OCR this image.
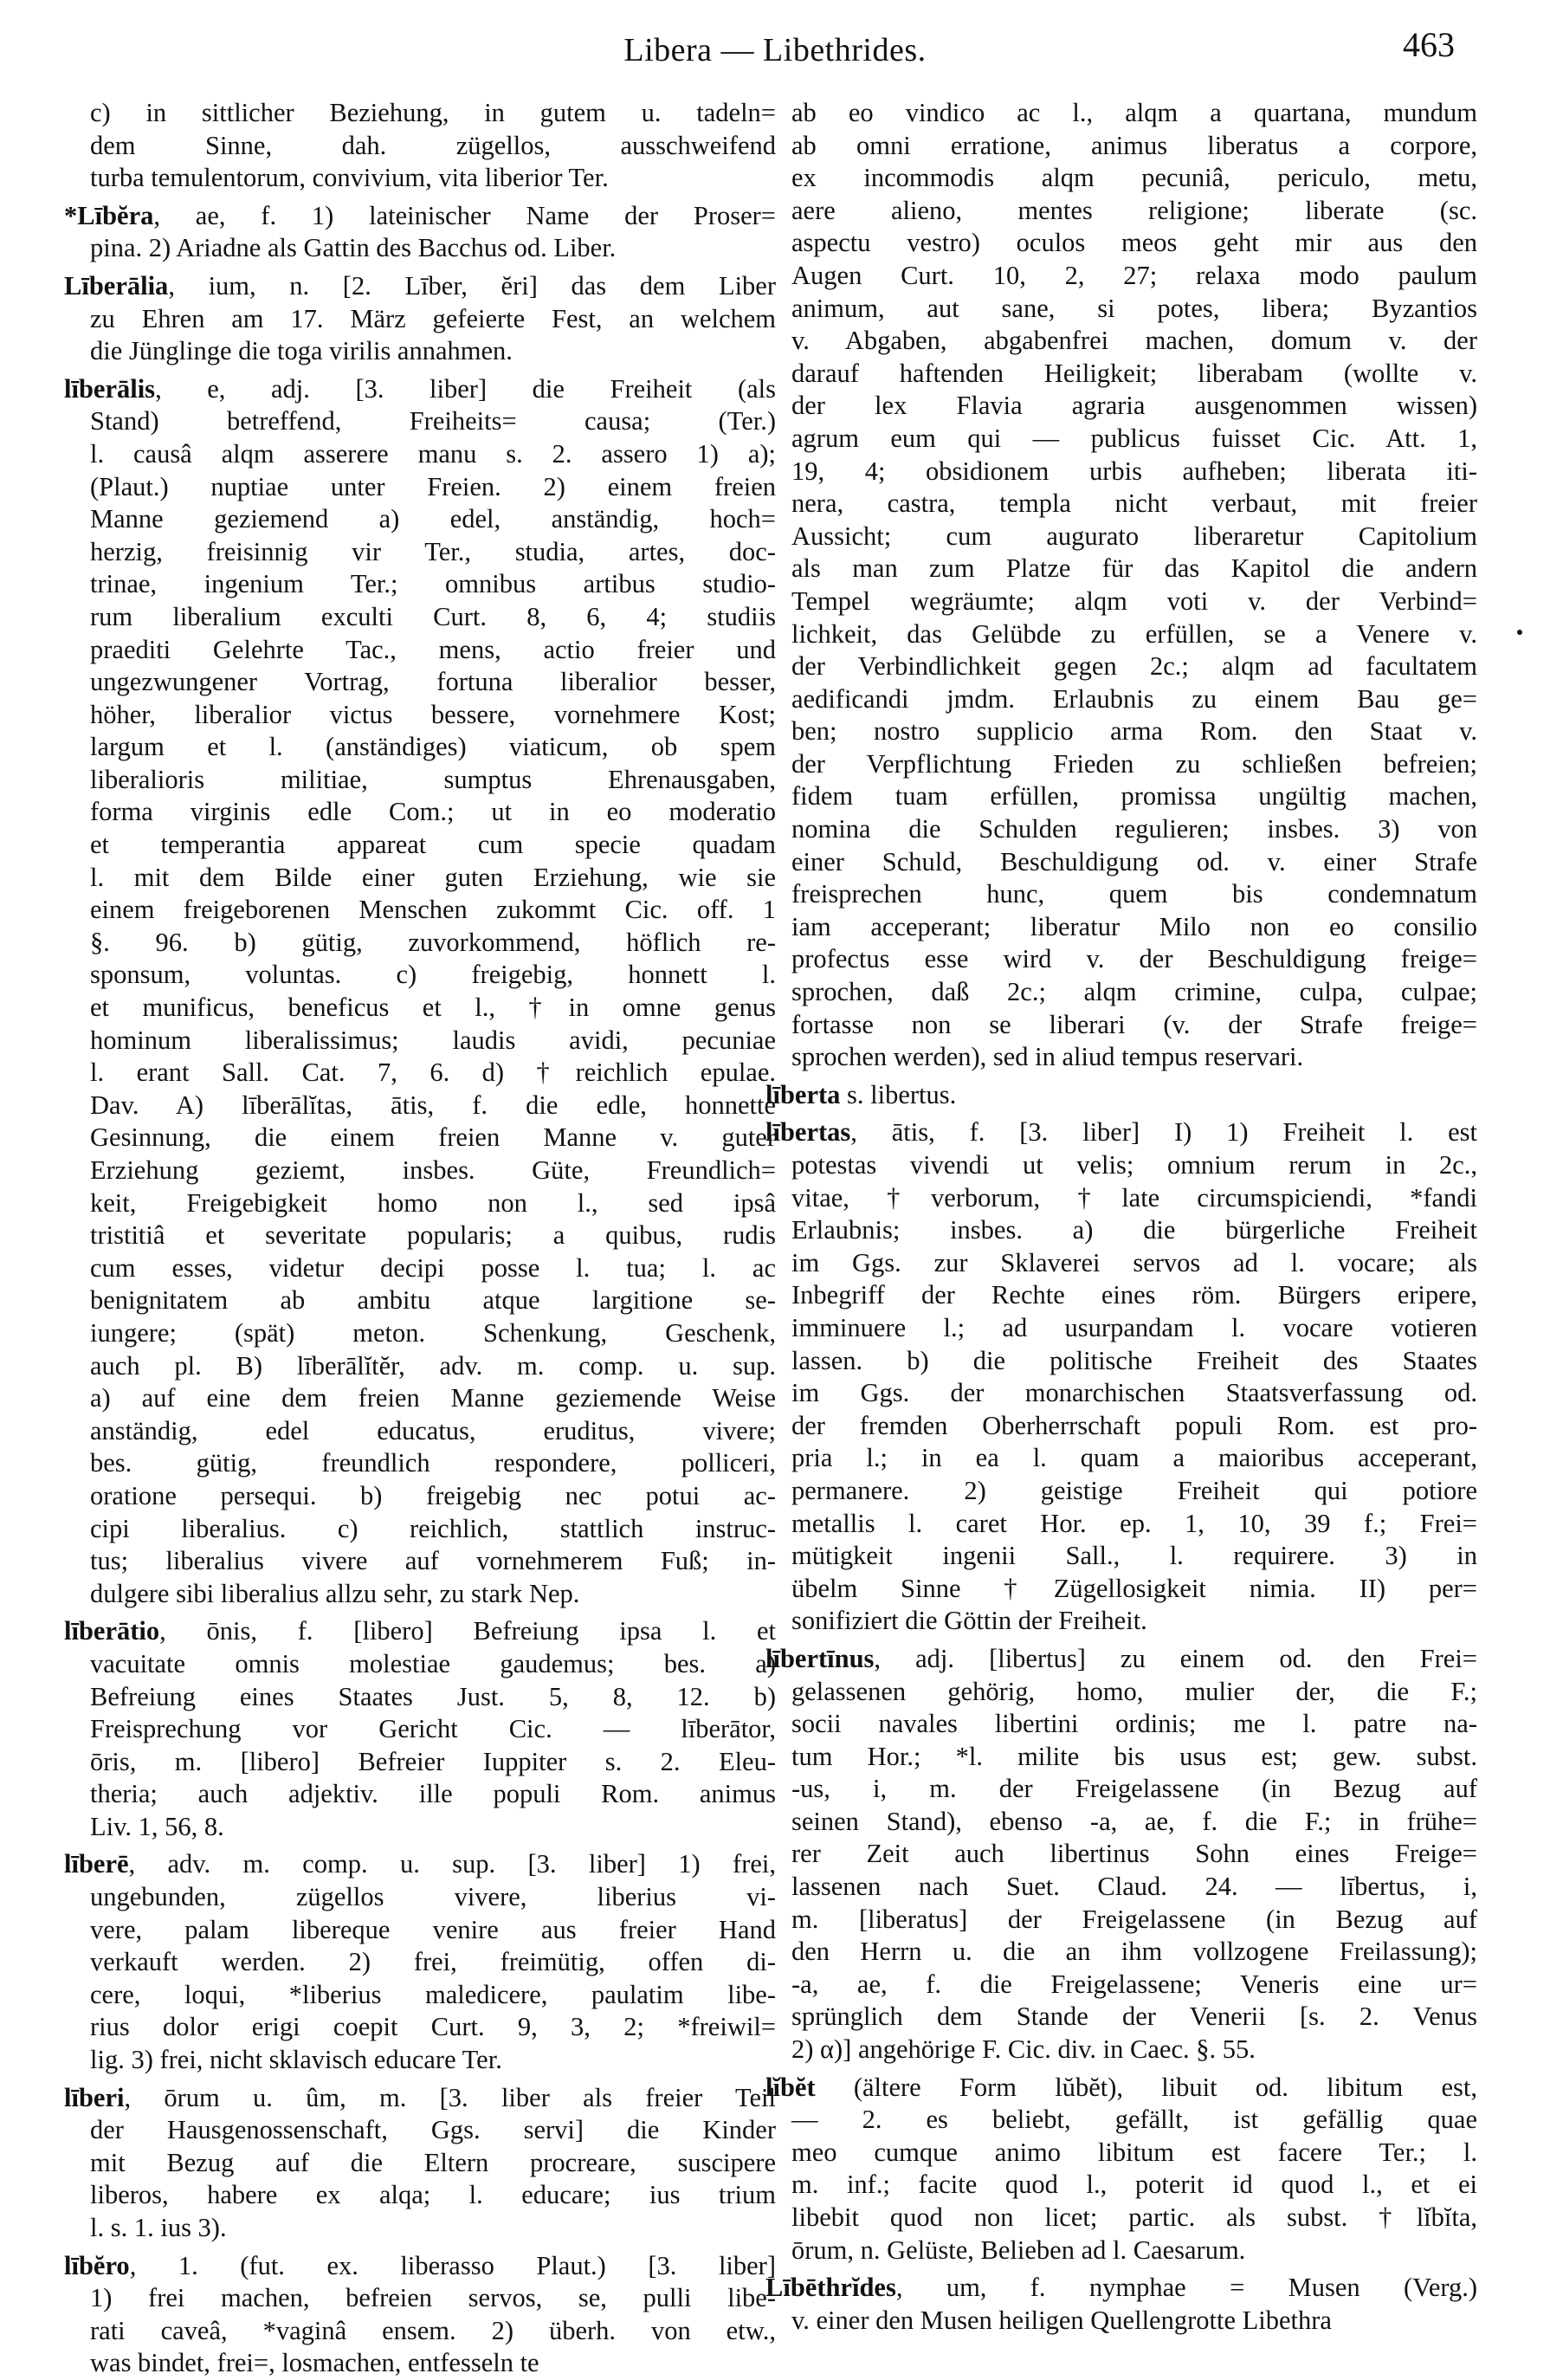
Libera — Libethrides.	463
c) in sittlicher Beziehung, in gutem u. tadeln=
dem Sinne, dah. zügellos, ausschweifend
turba temulentorum, convivium, vita liberior Ter.
*Lībĕra, ae, f. 1) lateinischer Name der Proser=
pina. 2) Ariadne als Gattin des Bacchus od. Liber.
Līberālia, ium, n. [2. Līber, ĕri] das dem Liber
zu Ehren am 17. März gefeierte Fest, an welchem
die Jünglinge die toga virilis annahmen.
līberālis, e, adj. [3. liber] die Freiheit (als
Stand) betreffend, Freiheits= causa; (Ter.)
l. causâ alqm asserere manu s. 2. assero 1) a);
(Plaut.) nuptiae unter Freien. 2) einem freien
Manne geziemend a) edel, anständig, hoch=
herzig, freisinnig vir Ter., studia, artes, doc-
trinae, ingenium Ter.; omnibus artibus studio-
rum liberalium exculti Curt. 8, 6, 4; studiis
praediti Gelehrte Tac., mens, actio freier und
ungezwungener Vortrag, fortuna liberalior besser,
höher, liberalior victus bessere, vornehmere Kost;
largum et l. (anständiges) viaticum, ob spem
liberalioris militiae, sumptus Ehrenausgaben,
forma virginis edle Com.; ut in eo moderatio
et temperantia appareat cum specie quadam
l. mit dem Bilde einer guten Erziehung, wie sie
einem freigeborenen Menschen zukommt Cic. off. 1
§. 96. b) gütig, zuvorkommend, höflich re-
sponsum, voluntas. c) freigebig, honnett l.
et munificus, beneficus et l., †in omne genus
hominum liberalissimus; laudis avidi, pecuniae
l. erant Sall. Cat. 7, 6. d) †reichlich epulae.
Dav. A) līberālĭtas, ātis, f. die edle, honnette
Gesinnung, die einem freien Manne v. guter
Erziehung geziemt, insbes. Güte, Freundlich=
keit, Freigebigkeit homo non l., sed ipsâ
tristitiâ et severitate popularis; a quibus, rudis
cum esses, videtur decipi posse l. tua; l. ac
benignitatem ab ambitu atque largitione se-
iungere; (spät) meton. Schenkung, Geschenk,
auch pl. B) līberālĭtĕr, adv. m. comp. u. sup.
a) auf eine dem freien Manne geziemende Weise
anständig, edel educatus, eruditus, vivere;
bes. gütig, freundlich respondere, polliceri,
oratione persequi. b) freigebig nec potui ac-
cipi liberalius. c) reichlich, stattlich instruc-
tus; liberalius vivere auf vornehmerem Fuß; in-
dulgere sibi liberalius allzu sehr, zu stark Nep.
līberātio, ōnis, f. [libero] Befreiung ipsa l. et
vacuitate omnis molestiae gaudemus; bes. a)
Befreiung eines Staates Just. 5, 8, 12. b)
Freisprechung vor Gericht Cic. — līberātor,
ōris, m. [libero] Befreier Iuppiter s. 2. Eleu-
theria; auch adjektiv. ille populi Rom. animus
Liv. 1, 56, 8.
līberē, adv. m. comp. u. sup. [3. liber] 1) frei,
ungebunden, zügellos vivere, liberius vi-
vere, palam libereque venire aus freier Hand
verkauft werden. 2) frei, freimütig, offen di-
cere, loqui, *liberius maledicere, paulatim libe-
rius dolor erigi coepit Curt. 9, 3, 2; *freiwil=
lig. 3) frei, nicht sklavisch educare Ter.
līberi, ōrum u. ûm, m. [3. liber als freier Teil
der Hausgenossenschaft, Ggs. servi] die Kinder
mit Bezug auf die Eltern procreare, suscipere
liberos, habere ex alqa; l. educare; ius trium
l. s. 1. ius 3).
lībĕro, 1. (fut. ex. liberasso Plaut.) [3. liber]
1) frei machen, befreien servos, se, pulli libe-
rati caveâ, *vaginâ ensem. 2) überh. von etw.,
was bindet, frei=, losmachen, entfesseln te
ab eo vindico ac l., alqm a quartana, mundum
ab omni erratione, animus liberatus a corpore,
ex incommodis alqm pecuniâ, periculo, metu,
aere alieno, mentes religione; liberate (sc.
aspectu vestro) oculos meos geht mir aus den
Augen Curt. 10, 2, 27; relaxa modo paulum
animum, aut sane, si potes, libera; Byzantios
v. Abgaben, abgabenfrei machen, domum v. der
darauf haftenden Heiligkeit; liberabam (wollte v.
der lex Flavia agraria ausgenommen wissen)
agrum eum qui — publicus fuisset Cic. Att. 1,
19, 4; obsidionem urbis aufheben; liberata iti-
nera, castra, templa nicht verbaut, mit freier
Aussicht; cum augurato liberaretur Capitolium
als man zum Platze für das Kapitol die andern
Tempel wegräumte; alqm voti v. der Verbind=
lichkeit, das Gelübde zu erfüllen, se a Venere v.
der Verbindlichkeit gegen 2c.; alqm ad facultatem
aedificandi jmdm. Erlaubnis zu einem Bau ge=
ben; nostro supplicio arma Rom. den Staat v.
der Verpflichtung Frieden zu schließen befreien;
fidem tuam erfüllen, promissa ungültig machen,
nomina die Schulden regulieren; insbes. 3) von
einer Schuld, Beschuldigung od. v. einer Strafe
freisprechen hunc, quem bis condemnatum
iam acceperant; liberatur Milo non eo consilio
profectus esse wird v. der Beschuldigung freige=
sprochen, daß 2c.; alqm crimine, culpa, culpae;
fortasse non se liberari (v. der Strafe freige=
sprochen werden), sed in aliud tempus reservari.
līberta s. libertus.
lībertas, ātis, f. [3. liber] I) 1) Freiheit l. est
potestas vivendi ut velis; omnium rerum in 2c.,
vitae, †verborum, †late circumspiciendi, *fandi
Erlaubnis; insbes. a) die bürgerliche Freiheit
im Ggs. zur Sklaverei servos ad l. vocare; als
Inbegriff der Rechte eines röm. Bürgers eripere,
imminuere l.; ad usurpandam l. vocare votieren
lassen. b) die politische Freiheit des Staates
im Ggs. der monarchischen Staatsverfassung od.
der fremden Oberherrschaft populi Rom. est pro-
pria l.; in ea l. quam a maioribus acceperant,
permanere. 2) geistige Freiheit qui potiore
metallis l. caret Hor. ep. 1, 10, 39 f.; Frei=
mütigkeit ingenii Sall., l. requirere. 3) in
übelm Sinne †Zügellosigkeit nimia. II) per=
sonifiziert die Göttin der Freiheit.
lībertīnus, adj. [libertus] zu einem od. den Frei=
gelassenen gehörig, homo, mulier der, die F.;
socii navales libertini ordinis; me l. patre na-
tum Hor.; *l. milite bis usus est; gew. subst.
-us, i, m. der Freigelassene (in Bezug auf
seinen Stand), ebenso -a, ae, f. die F.; in frühe=
rer Zeit auch libertinus Sohn eines Freige=
lassenen nach Suet. Claud. 24. — lībertus, i,
m. [liberatus] der Freigelassene (in Bezug auf
den Herrn u. die an ihm vollzogene Freilassung);
-a, ae, f. die Freigelassene; Veneris eine ur=
sprünglich dem Stande der Venerii [s. 2. Venus
2) α)] angehörige F. Cic. div. in Caec. §. 55.
lĭbĕt (ältere Form lŭbĕt), libuit od. libitum est,
— 2. es beliebt, gefällt, ist gefällig quae
meo cumque animo libitum est facere Ter.; l.
m. inf.; facite quod l., poterit id quod l., et ei
libebit quod non licet; partic. als subst. †lĭbĭta,
ōrum, n. Gelüste, Belieben ad l. Caesarum.
Lībēthrĭdes, um, f. nymphae = Musen (Verg.)
v. einer den Musen heiligen Quellengrotte Libethra
